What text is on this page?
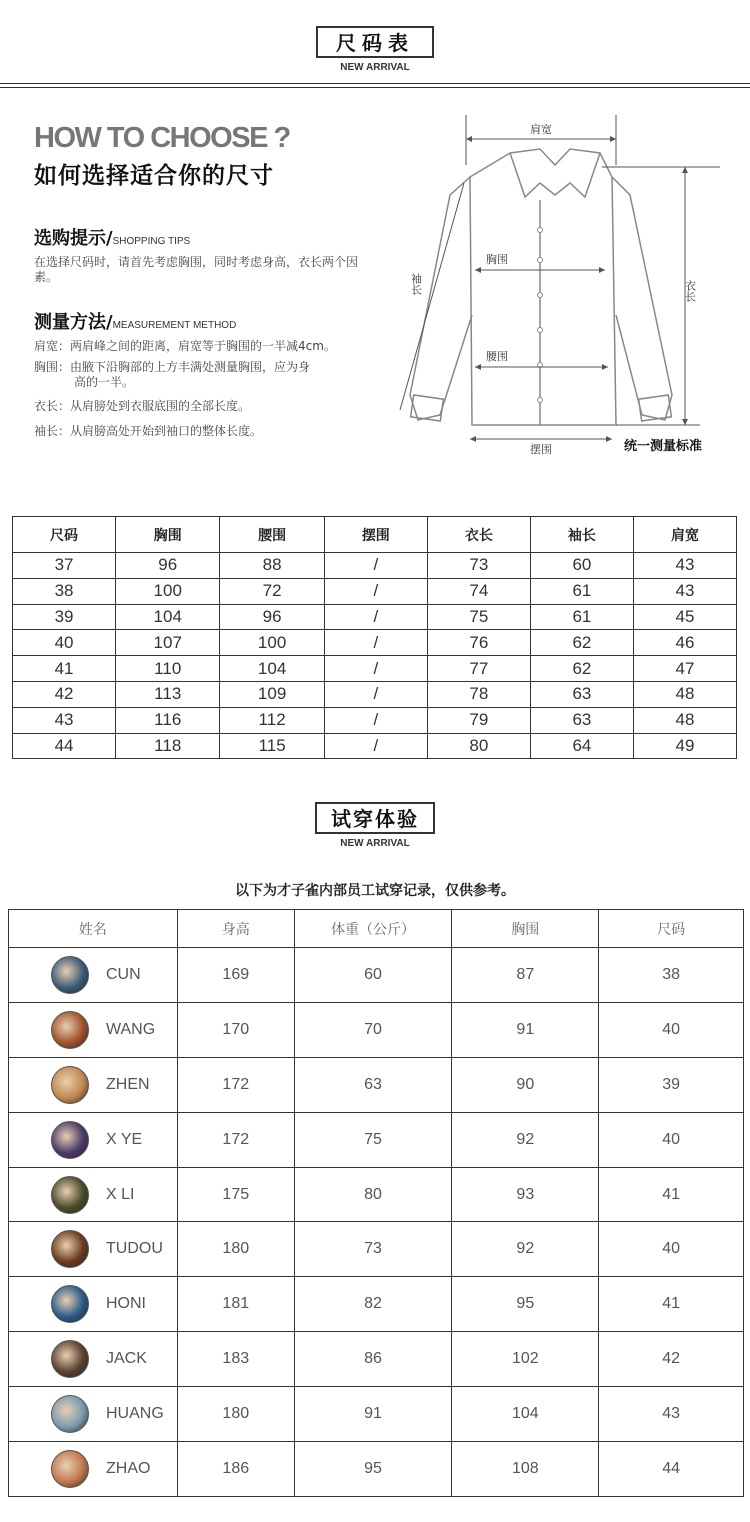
尺码表
NEW ARRIVAL
HOW TO CHOOSE ?
如何选择适合你的尺寸
选购提示/SHOPPING TIPS
在选择尺码时，请首先考虑胸围，同时考虑身高，衣长两个因素。
测量方法/MEASUREMENT METHOD
肩宽：两肩峰之间的距离，肩宽等于胸围的一半减4cm。
胸围：由腋下沿胸部的上方丰满处测量胸围，应为身
高的一半。
衣长：从肩膀处到衣服底围的全部长度。
袖长：从肩膀高处开始到袖口的整体长度。
肩宽
胸围
腰围
摆围
衣长
袖长
统一测量标准
尺码	胸围	腰围	摆围	衣长	袖长	肩宽
37	96	88	/	73	60	43
38	100	72	/	74	61	43
39	104	96	/	75	61	45
40	107	100	/	76	62	46
41	110	104	/	77	62	47
42	113	109	/	78	63	48
43	116	112	/	79	63	48
44	118	115	/	80	64	49
试穿体验
NEW ARRIVAL
以下为才子雀内部员工试穿记录，仅供参考。
姓名	身高	体重（公斤）	胸围	尺码
CUN	169	60	87	38
WANG	170	70	91	40
ZHEN	172	63	90	39
X YE	172	75	92	40
X LI	175	80	93	41
TUDOU	180	73	92	40
HONI	181	82	95	41
JACK	183	86	102	42
HUANG	180	91	104	43
ZHAO	186	95	108	44
